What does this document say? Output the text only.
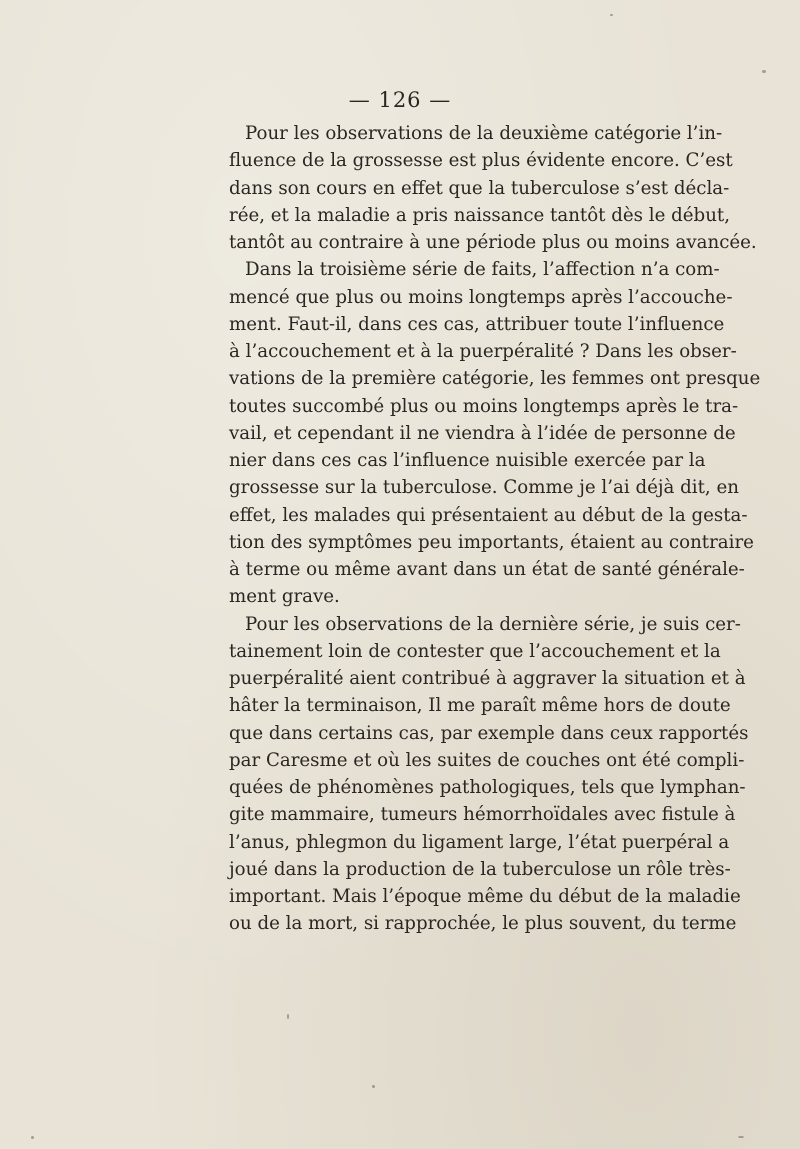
— 126 —
Pour les observations de la deuxième catégorie l’in-
fluence de la grossesse est plus évidente encore. C’est
dans son cours en effet que la tuberculose s’est décla-
rée, et la maladie a pris naissance tantôt dès le début,
tantôt au contraire à une période plus ou moins avancée.
Dans la troisième série de faits, l’affection n’a com-
mencé que plus ou moins longtemps après l’accouche-
ment. Faut-il, dans ces cas, attribuer toute l’influence
à l’accouchement et à la puerpéralité ? Dans les obser-
vations de la première catégorie, les femmes ont presque
toutes succombé plus ou moins longtemps après le tra-
vail, et cependant il ne viendra à l’idée de personne de
nier dans ces cas l’influence nuisible exercée par la
grossesse sur la tuberculose. Comme je l’ai déjà dit, en
effet, les malades qui présentaient au début de la gesta-
tion des symptômes peu importants, étaient au contraire
à terme ou même avant dans un état de santé générale-
ment grave.
Pour les observations de la dernière série, je suis cer-
tainement loin de contester que l’accouchement et la
puerpéralité aient contribué à aggraver la situation et à
hâter la terminaison, Il me paraît même hors de doute
que dans certains cas, par exemple dans ceux rapportés
par Caresme et où les suites de couches ont été compli-
quées de phénomènes pathologiques, tels que lymphan-
gite mammaire, tumeurs hémorrhoïdales avec fistule à
l’anus, phlegmon du ligament large, l’état puerpéral a
joué dans la production de la tuberculose un rôle très-
important. Mais l’époque même du début de la maladie
ou de la mort, si rapprochée, le plus souvent, du terme
